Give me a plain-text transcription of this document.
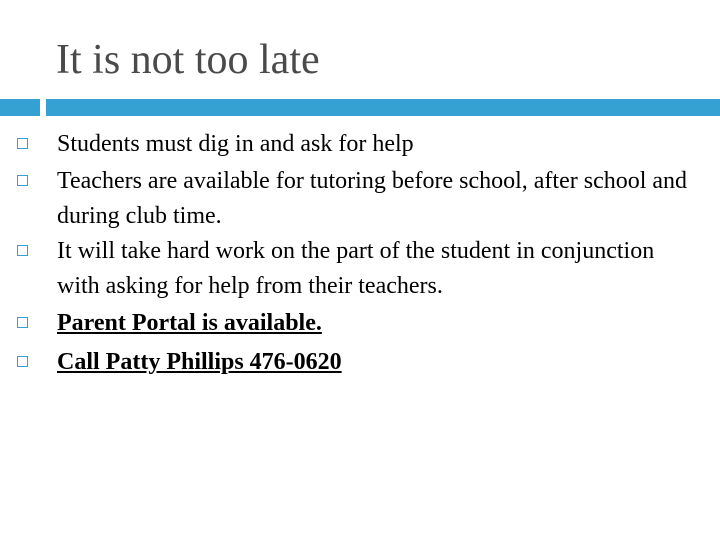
It is not too late
Students must dig in and ask for help
Teachers are available for tutoring before school, after school and during club time.
It will take hard work on the part of the student in conjunction with asking for help from their teachers.
Parent Portal is available.
Call Patty Phillips 476-0620
